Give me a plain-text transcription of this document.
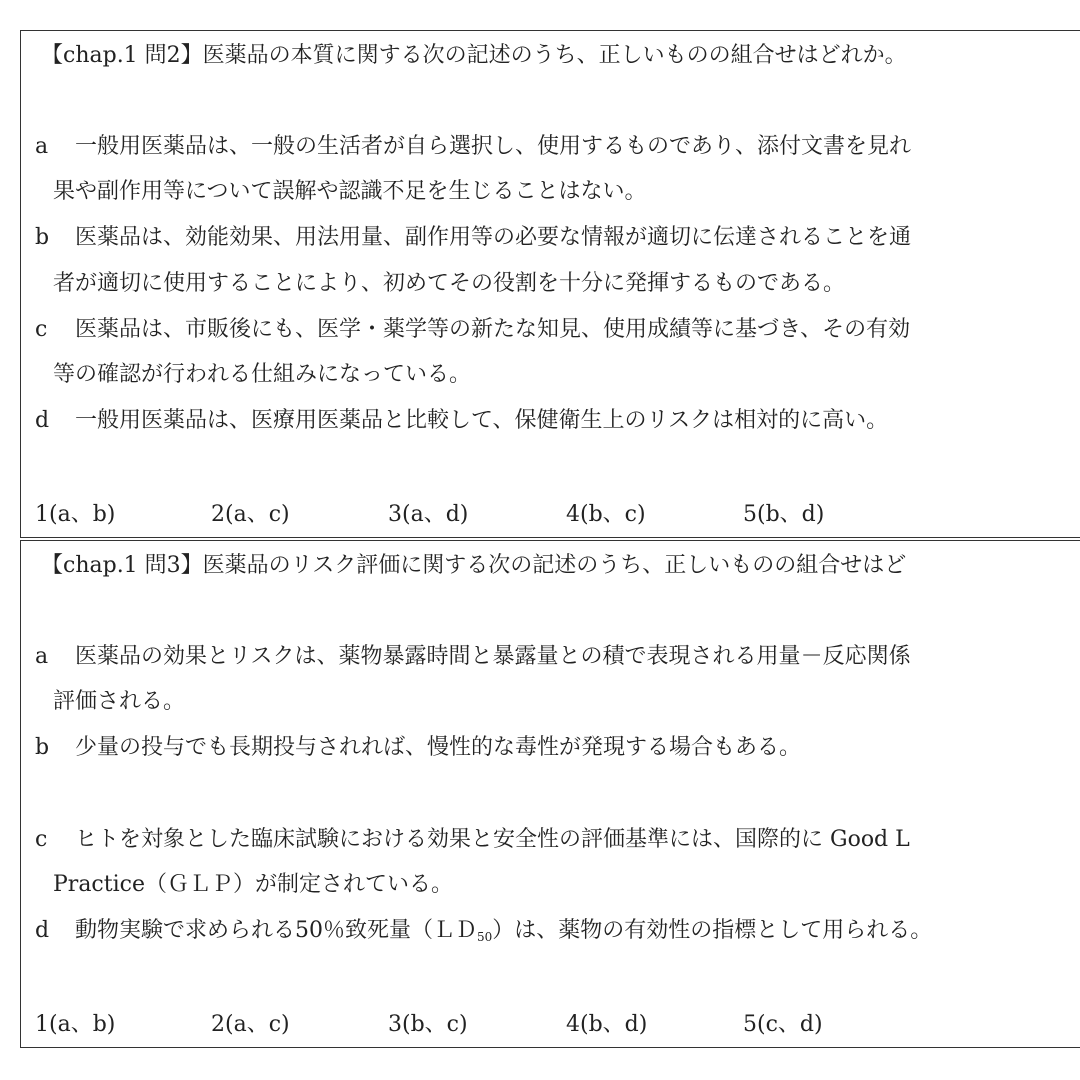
【chap.1 問2】医薬品の本質に関する次の記述のうち、正しいものの組合せはどれか。
a 一般用医薬品は、一般の生活者が自ら選択し、使用するものであり、添付文書を見れ
果や副作用等について誤解や認識不足を生じることはない。
b 医薬品は、効能効果、用法用量、副作用等の必要な情報が適切に伝達されることを通
者が適切に使用することにより、初めてその役割を十分に発揮するものである。
c 医薬品は、市販後にも、医学・薬学等の新たな知見、使用成績等に基づき、その有効
等の確認が行われる仕組みになっている。
d 一般用医薬品は、医療用医薬品と比較して、保健衛生上のリスクは相対的に高い。
1(a、b)	2(a、c)	3(a、d)	4(b、c)	5(b、d)
【chap.1 問3】医薬品のリスク評価に関する次の記述のうち、正しいものの組合せはど
a 医薬品の効果とリスクは、薬物暴露時間と暴露量との積で表現される用量－反応関係
評価される。
b 少量の投与でも長期投与されれば、慢性的な毒性が発現する場合もある。
c ヒトを対象とした臨床試験における効果と安全性の評価基準には、国際的に Good L
Practice（ＧＬＰ）が制定されている。
d 動物実験で求められる50％致死量（ＬＤ$_{50}$）は、薬物の有効性の指標として用られる。
1(a、b)	2(a、c)	3(b、c)	4(b、d)	5(c、d)
